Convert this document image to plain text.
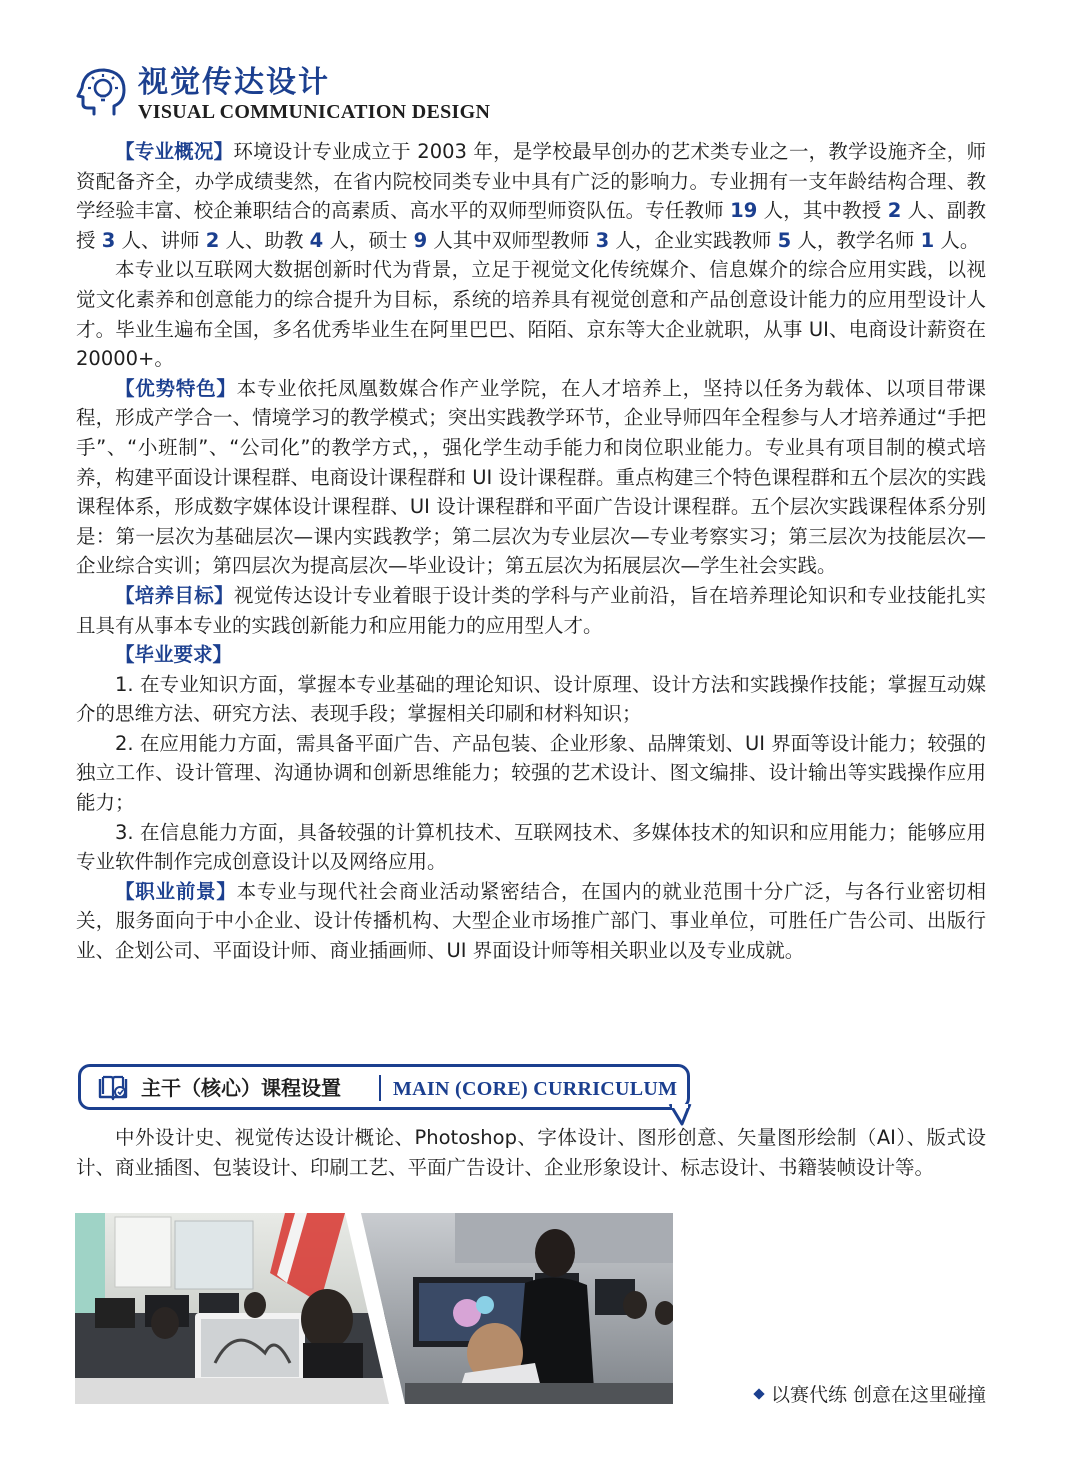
视觉传达设计
VISUAL COMMUNICATION DESIGN

【专业概况】环境设计专业成立于 2003 年，是学校最早创办的艺术类专业之一，教学设施齐全，师资配备齐全，办学成绩斐然，在省内院校同类专业中具有广泛的影响力。专业拥有一支年龄结构合理、教学经验丰富、校企兼职结合的高素质、高水平的双师型师资队伍。专任教师 19 人，其中教授 2 人、副教授 3 人、讲师 2 人、助教 4 人，硕士 9 人其中双师型教师 3 人，企业实践教师 5 人，教学名师 1 人。

本专业以互联网大数据创新时代为背景，立足于视觉文化传统媒介、信息媒介的综合应用实践，以视觉文化素养和创意能力的综合提升为目标，系统的培养具有视觉创意和产品创意设计能力的应用型设计人才。毕业生遍布全国，多名优秀毕业生在阿里巴巴、陌陌、京东等大企业就职，从事 UI、电商设计薪资在 20000+。

【优势特色】本专业依托凤凰数媒合作产业学院，在人才培养上，坚持以任务为载体、以项目带课程，形成产学合一、情境学习的教学模式；突出实践教学环节，企业导师四年全程参与人才培养通过“手把手”、“小班制”、“公司化”的教学方式，，强化学生动手能力和岗位职业能力。专业具有项目制的模式培养，构建平面设计课程群、电商设计课程群和 UI 设计课程群。重点构建三个特色课程群和五个层次的实践课程体系，形成数字媒体设计课程群、UI 设计课程群和平面广告设计课程群。五个层次实践课程体系分别是：第一层次为基础层次—课内实践教学；第二层次为专业层次—专业考察实习；第三层次为技能层次—企业综合实训；第四层次为提高层次—毕业设计；第五层次为拓展层次—学生社会实践。

【培养目标】视觉传达设计专业着眼于设计类的学科与产业前沿，旨在培养理论知识和专业技能扎实且具有从事本专业的实践创新能力和应用能力的应用型人才。

【毕业要求】

1. 在专业知识方面，掌握本专业基础的理论知识、设计原理、设计方法和实践操作技能；掌握互动媒介的思维方法、研究方法、表现手段；掌握相关印刷和材料知识；

2. 在应用能力方面，需具备平面广告、产品包装、企业形象、品牌策划、UI 界面等设计能力；较强的独立工作、设计管理、沟通协调和创新思维能力；较强的艺术设计、图文编排、设计输出等实践操作应用能力；

3. 在信息能力方面，具备较强的计算机技术、互联网技术、多媒体技术的知识和应用能力；能够应用专业软件制作完成创意设计以及网络应用。

【职业前景】本专业与现代社会商业活动紧密结合，在国内的就业范围十分广泛，与各行业密切相关，服务面向于中小企业、设计传播机构、大型企业市场推广部门、事业单位，可胜任广告公司、出版行业、企划公司、平面设计师、商业插画师、UI 界面设计师等相关职业以及专业成就。

主干（核心）课程设置	MAIN (CORE) CURRICULUM

中外设计史、视觉传达设计概论、Photoshop、字体设计、图形创意、矢量图形绘制（AI）、版式设计、商业插图、包装设计、印刷工艺、平面广告设计、企业形象设计、标志设计、书籍装帧设计等。

以赛代练 创意在这里碰撞
